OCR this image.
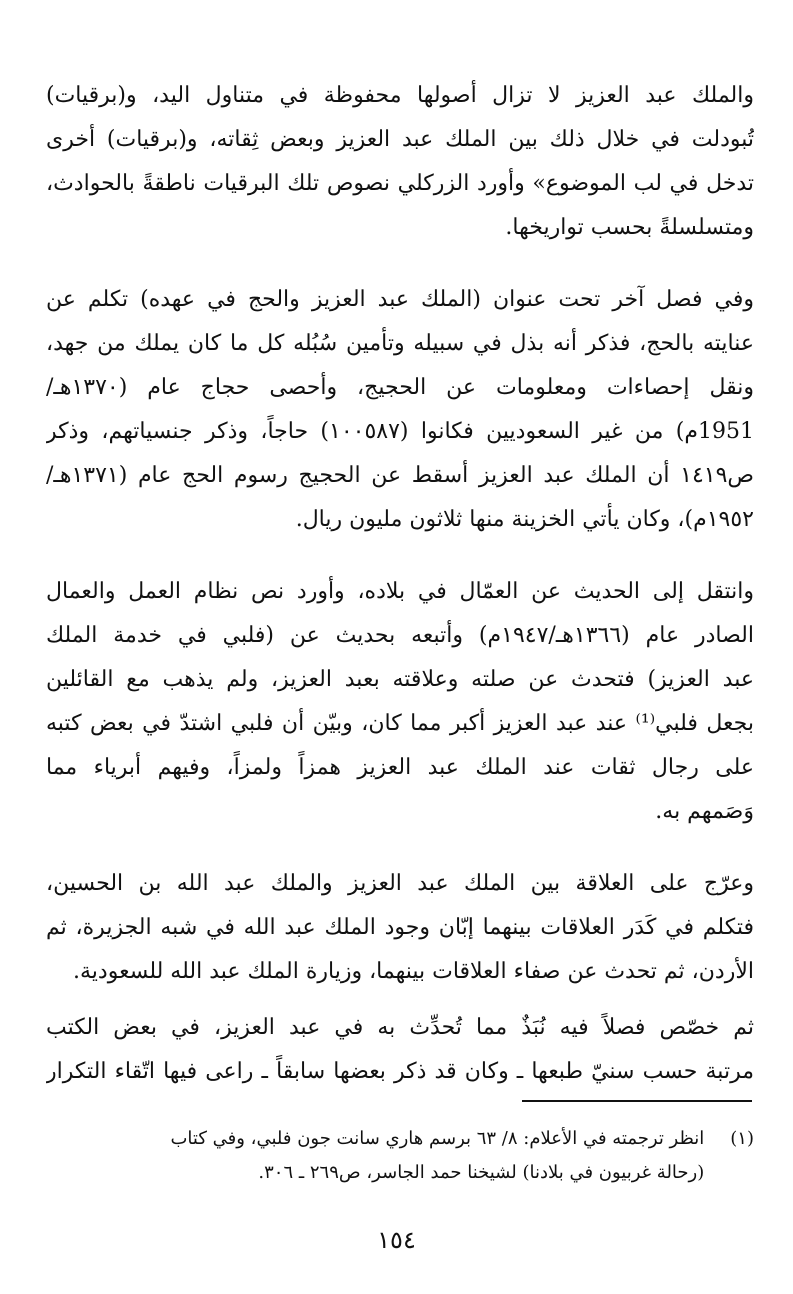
والملك عبد العزيز لا تزال أصولها محفوظة في متناول اليد، و(برقيات)
تُبودلت في خلال ذلك بين الملك عبد العزيز وبعض ثِقاته، و(برقيات) أخرى
تدخل في لب الموضوع» وأورد الزركلي نصوص تلك البرقيات ناطقةً بالحوادث،
ومتسلسلةً بحسب تواريخها.
وفي فصل آخر تحت عنوان (الملك عبد العزيز والحج في عهده) تكلم عن
عنايته بالحج، فذكر أنه بذل في سبيله وتأمين سُبُله كل ما كان يملك من جهد،
ونقل إحصاءات ومعلومات عن الحجيج، وأحصى حجاج عام (١٣٧٠هـ/
1951م) من غير السعوديين فكانوا (١٠٠٥٨٧) حاجاً، وذكر جنسياتهم، وذكر
ص١٤١٩ أن الملك عبد العزيز أسقط عن الحجيج رسوم الحج عام (١٣٧١هـ/
١٩٥٢م)، وكان يأتي الخزينة منها ثلاثون مليون ريال.
وانتقل إلى الحديث عن العمّال في بلاده، وأورد نص نظام العمل والعمال
الصادر عام (١٣٦٦هـ/١٩٤٧م) وأتبعه بحديث عن (فلبي في خدمة الملك
عبد العزيز) فتحدث عن صلته وعلاقته بعبد العزيز، ولم يذهب مع القائلين
بجعل فلبي⁽¹⁾ عند عبد العزيز أكبر مما كان، وبيّن أن فلبي اشتدّ في بعض كتبه
على رجال ثقات عند الملك عبد العزيز همزاً ولمزاً، وفيهم أبرياء مما
وَصَمهم به.
وعرّج على العلاقة بين الملك عبد العزيز والملك عبد الله بن الحسين،
فتكلم في كَدَر العلاقات بينهما إبّان وجود الملك عبد الله في شبه الجزيرة، ثم
الأردن، ثم تحدث عن صفاء العلاقات بينهما، وزيارة الملك عبد الله للسعودية.
ثم خصّص فصلاً فيه نُبَذٌ مما تُحدِّث به في عبد العزيز، في بعض الكتب
مرتبة حسب سنيّ طبعها ـ وكان قد ذكر بعضها سابقاً ـ راعى فيها اتّقاء التكرار
(١) انظر ترجمته في الأعلام: ٨/ ٦٣ برسم هاري سانت جون فلبي، وفي كتاب
(رحالة غربيون في بلادنا) لشيخنا حمد الجاسر، ص٢٦٩ ـ ٣٠٦.
١٥٤
